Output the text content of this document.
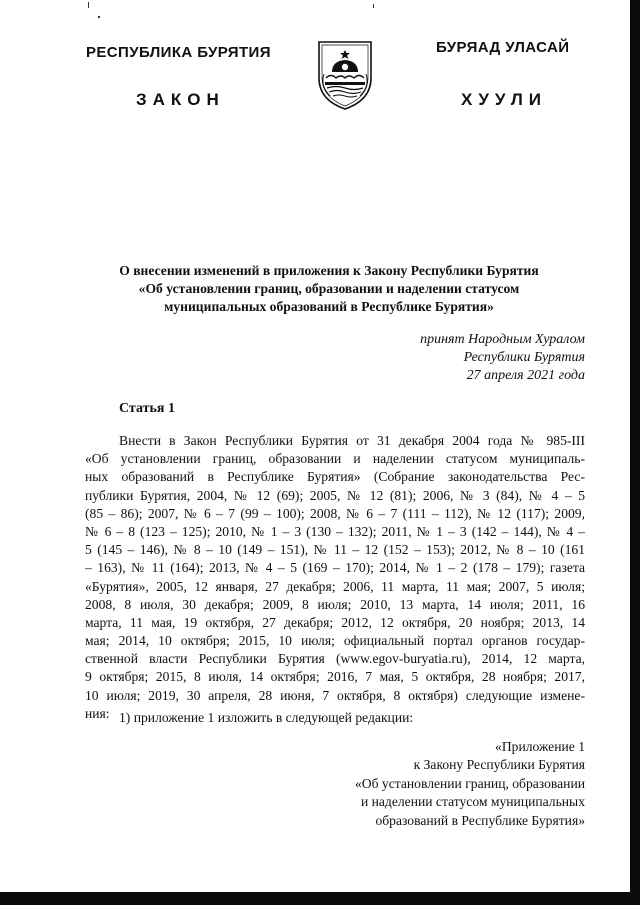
РЕСПУБЛИКА БУРЯТИЯ
ЗАКОН
БУРЯАД УЛАСАЙ
ХУУЛИ
О внесении изменений в приложения к Закону Республики Бурятия
«Об установлении границ, образовании и наделении статусом
муниципальных образований в Республике Бурятия»
принят Народным Хуралом
Республики Бурятия
27 апреля 2021 года
Статья 1
Внести в Закон Республики Бурятия от 31 декабря 2004 года № 985-III
«Об установлении границ, образовании и наделении статусом муниципаль-
ных образований в Республике Бурятия» (Собрание законодательства Рес-
публики Бурятия, 2004, № 12 (69); 2005, № 12 (81); 2006, № 3 (84), № 4 – 5
(85 – 86); 2007, № 6 – 7 (99 – 100); 2008, № 6 – 7 (111 – 112), № 12 (117); 2009,
№ 6 – 8 (123 – 125); 2010, № 1 – 3 (130 – 132); 2011, № 1 – 3 (142 – 144), № 4 –
5 (145 – 146), № 8 – 10 (149 – 151), № 11 – 12 (152 – 153); 2012, № 8 – 10 (161
– 163), № 11 (164); 2013, № 4 – 5 (169 – 170); 2014, № 1 – 2 (178 – 179); газета
«Бурятия», 2005, 12 января, 27 декабря; 2006, 11 марта, 11 мая; 2007, 5 июля;
2008, 8 июля, 30 декабря; 2009, 8 июля; 2010, 13 марта, 14 июля; 2011, 16
марта, 11 мая, 19 октября, 27 декабря; 2012, 12 октября, 20 ноября; 2013, 14
мая; 2014, 10 октября; 2015, 10 июля; официальный портал органов государ-
ственной власти Республики Бурятия (www.egov-buryatia.ru), 2014, 12 марта,
9 октября; 2015, 8 июля, 14 октября; 2016, 7 мая, 5 октября, 28 ноября; 2017,
10 июля; 2019, 30 апреля, 28 июня, 7 октября, 8 октября) следующие измене-
ния: 1) приложение 1 изложить в следующей редакции:
«Приложение 1
к Закону Республики Бурятия
«Об установлении границ, образовании
и наделении статусом муниципальных
образований в Республике Бурятия»
